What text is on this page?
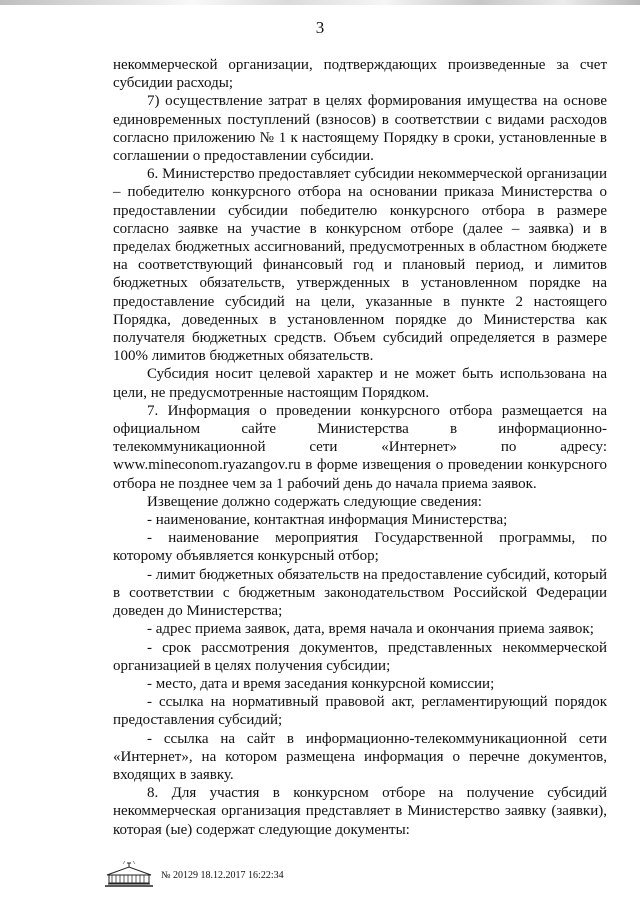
3

некоммерческой организации, подтверждающих произведенные за счет субсидии расходы;

7) осуществление затрат в целях формирования имущества на основе единовременных поступлений (взносов) в соответствии с видами расходов согласно приложению № 1 к настоящему Порядку в сроки, установленные в соглашении о предоставлении субсидии.

6. Министерство предоставляет субсидии некоммерческой организации – победителю конкурсного отбора на основании приказа Министерства о предоставлении субсидии победителю конкурсного отбора в размере согласно заявке на участие в конкурсном отборе (далее – заявка) и в пределах бюджетных ассигнований, предусмотренных в областном бюджете на соответствующий финансовый год и плановый период, и лимитов бюджетных обязательств, утвержденных в установленном порядке на предоставление субсидий на цели, указанные в пункте 2 настоящего Порядка, доведенных в установленном порядке до Министерства как получателя бюджетных средств. Объем субсидий определяется в размере 100% лимитов бюджетных обязательств.

Субсидия носит целевой характер и не может быть использована на цели, не предусмотренные настоящим Порядком.

7. Информация о проведении конкурсного отбора размещается на официальном сайте Министерства в информационно-телекоммуникационной сети «Интернет» по адресу: www.mineconom.ryazangov.ru в форме извещения о проведении конкурсного отбора не позднее чем за 1 рабочий день до начала приема заявок.

Извещение должно содержать следующие сведения:

- наименование, контактная информация Министерства;

- наименование мероприятия Государственной программы, по которому объявляется конкурсный отбор;

- лимит бюджетных обязательств на предоставление субсидий, который в соответствии с бюджетным законодательством Российской Федерации доведен до Министерства;

- адрес приема заявок, дата, время начала и окончания приема заявок;

- срок рассмотрения документов, представленных некоммерческой организацией в целях получения субсидии;

- место, дата и время заседания конкурсной комиссии;

- ссылка на нормативный правовой акт, регламентирующий порядок предоставления субсидий;

- ссылка на сайт в информационно-телекоммуникационной сети «Интернет», на котором размещена информация о перечне документов, входящих в заявку.

8. Для участия в конкурсном отборе на получение субсидий некоммерческая организация представляет в Министерство заявку (заявки), которая (ые) содержат следующие документы:

№ 20129 18.12.2017 16:22:34
